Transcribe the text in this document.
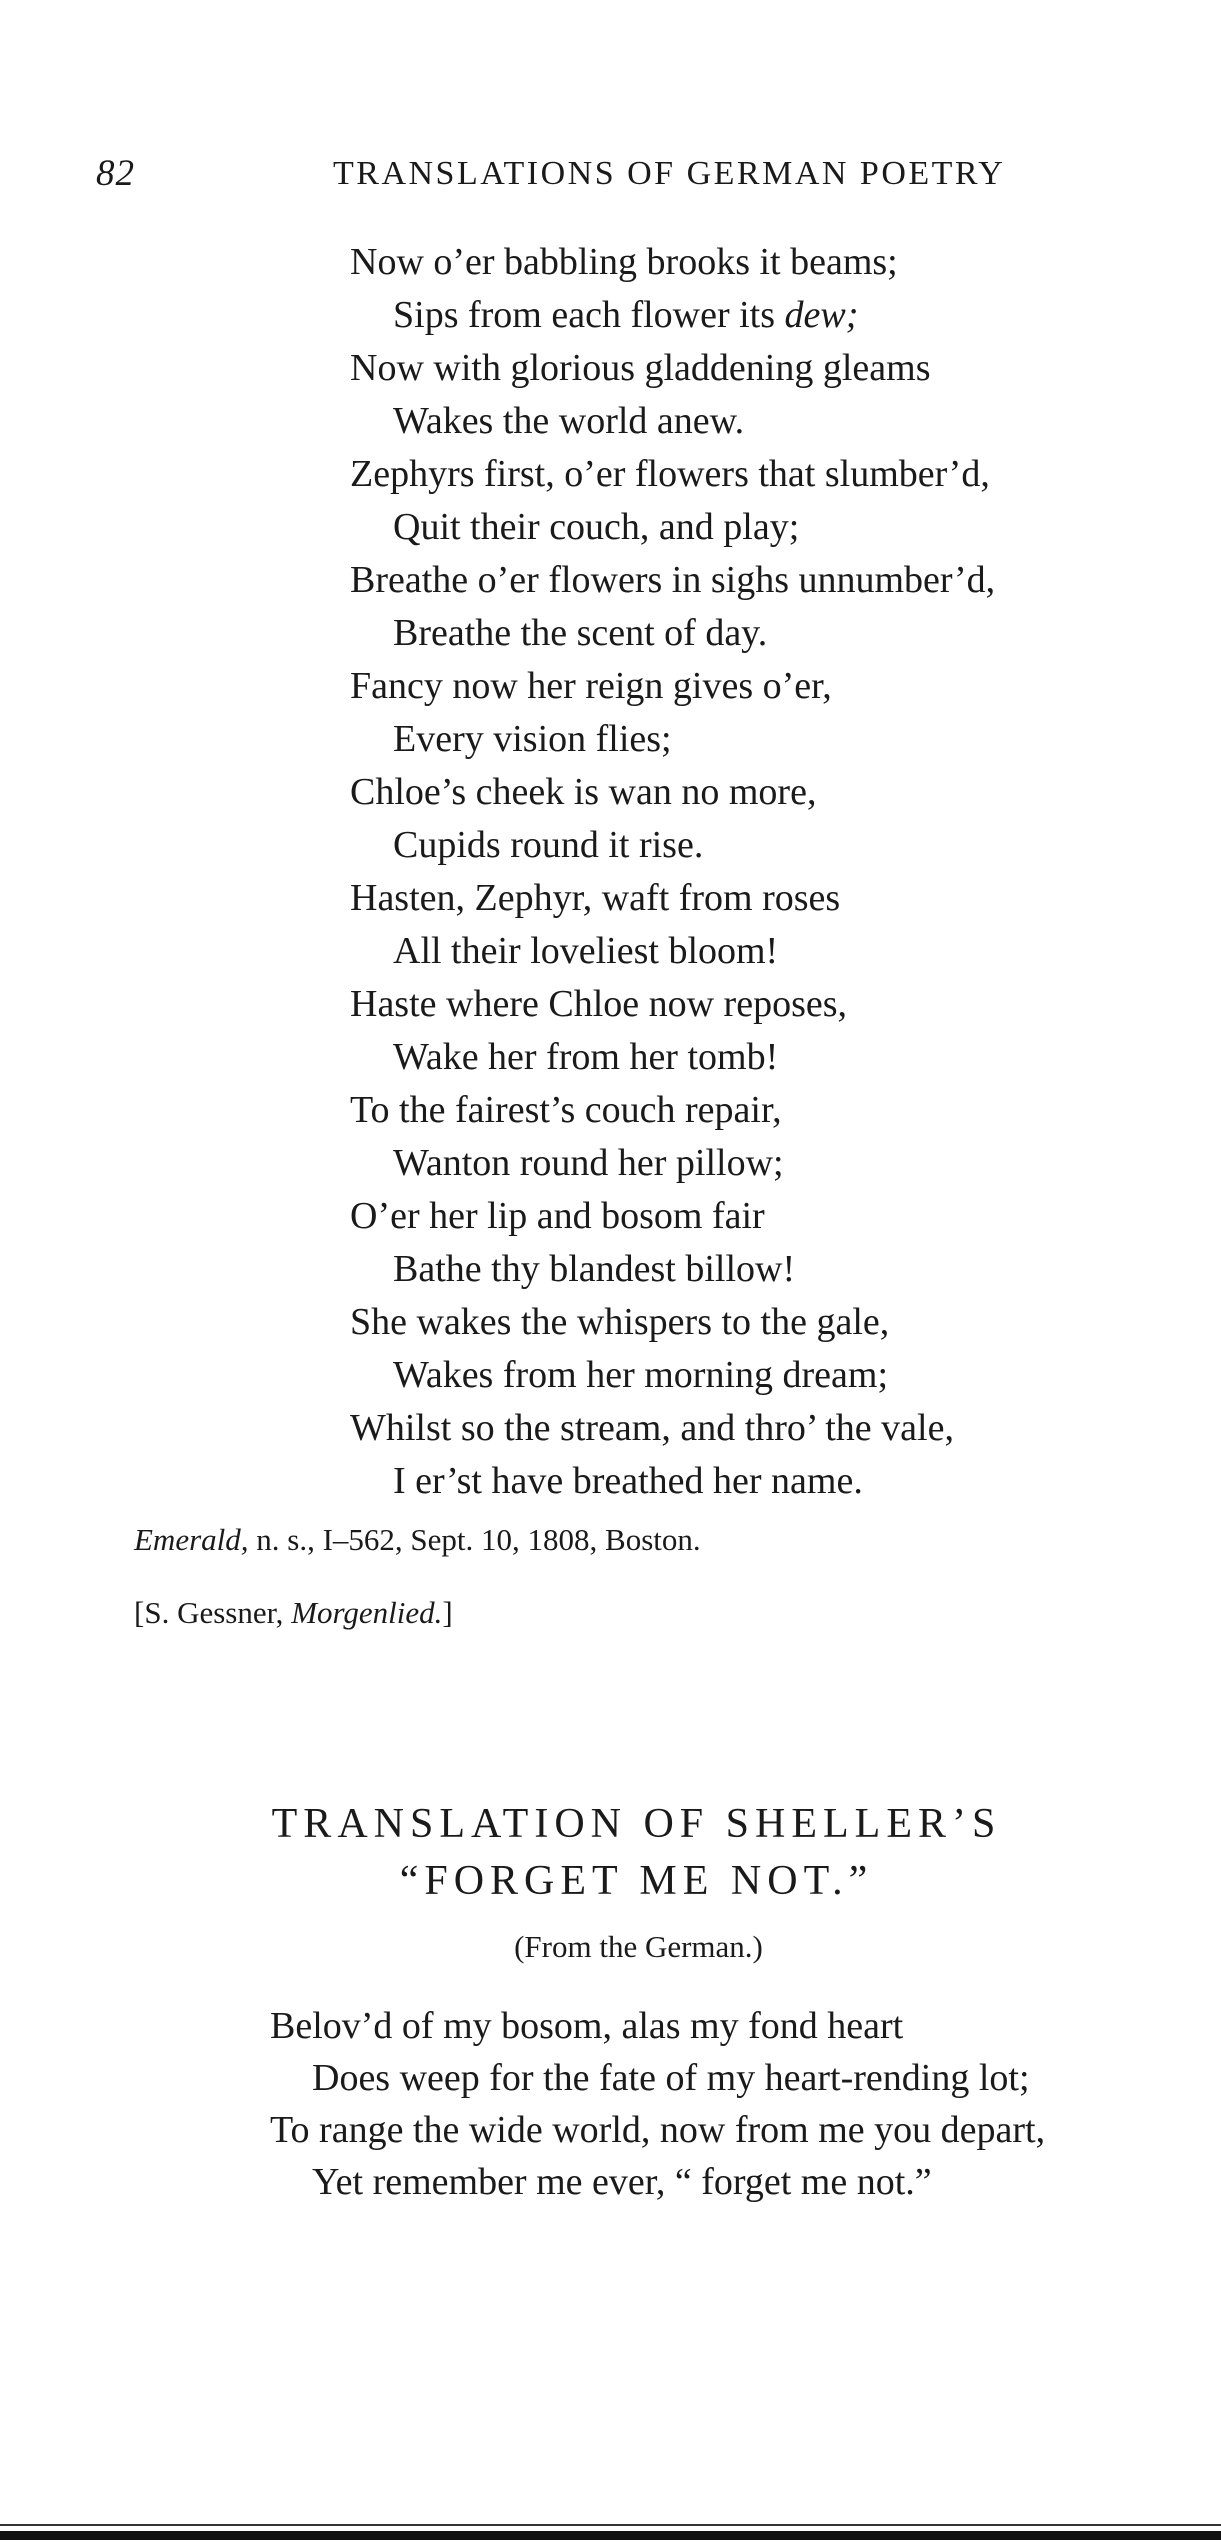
82	TRANSLATIONS OF GERMAN POETRY
Now o’er babbling brooks it beams;
Sips from each flower its dew;
Now with glorious gladdening gleams
Wakes the world anew.
Zephyrs first, o’er flowers that slumber’d,
Quit their couch, and play;
Breathe o’er flowers in sighs unnumber’d,
Breathe the scent of day.
Fancy now her reign gives o’er,
Every vision flies;
Chloe’s cheek is wan no more,
Cupids round it rise.
Hasten, Zephyr, waft from roses
All their loveliest bloom!
Haste where Chloe now reposes,
Wake her from her tomb!
To the fairest’s couch repair,
Wanton round her pillow;
O’er her lip and bosom fair
Bathe thy blandest billow!
She wakes the whispers to the gale,
Wakes from her morning dream;
Whilst so the stream, and thro’ the vale,
I er’st have breathed her name.
Emerald, n. s., I–562, Sept. 10, 1808, Boston.
[S. Gessner, Morgenlied.]
TRANSLATION OF SHELLER’S
“FORGET ME NOT.”
(From the German.)
Belov’d of my bosom, alas my fond heart
Does weep for the fate of my heart-rending lot;
To range the wide world, now from me you depart,
Yet remember me ever, “ forget me not.”
